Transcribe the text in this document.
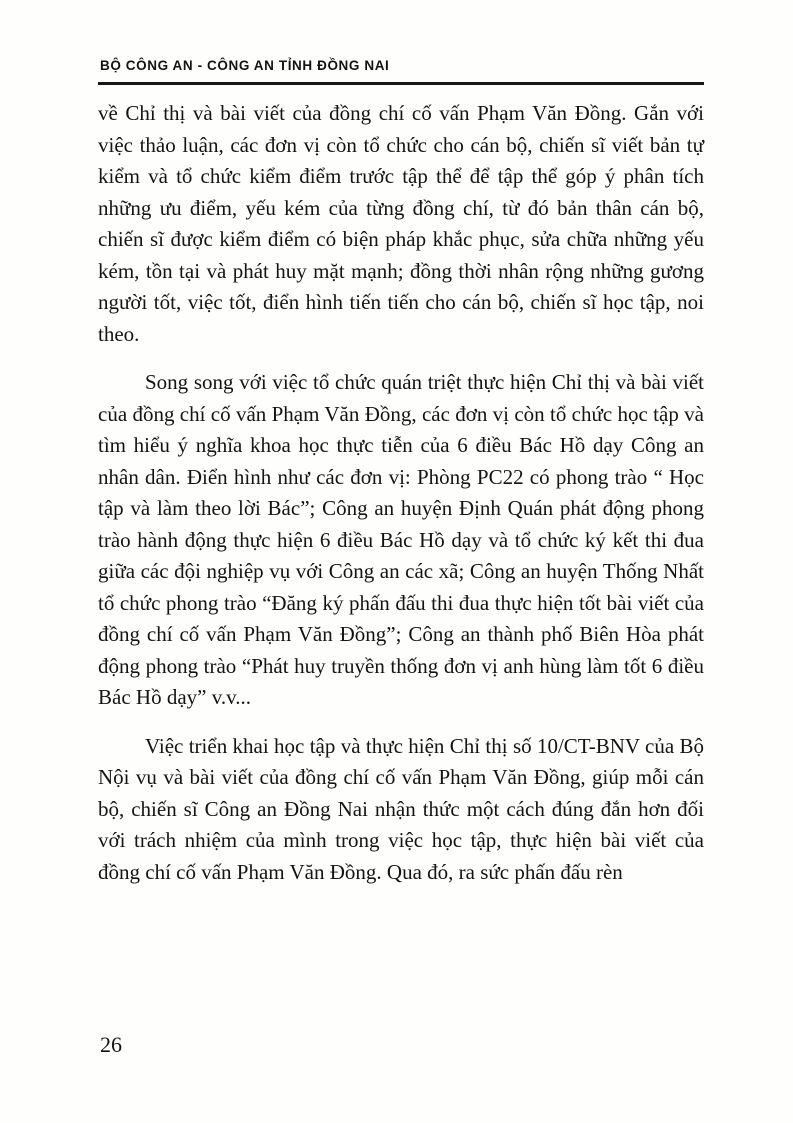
BỘ CÔNG AN - CÔNG AN TỈNH ĐỒNG NAI

về Chỉ thị và bài viết của đồng chí cố vấn Phạm Văn Đồng. Gắn với việc thảo luận, các đơn vị còn tổ chức cho cán bộ, chiến sĩ viết bản tự kiểm và tổ chức kiểm điểm trước tập thể để tập thể góp ý phân tích những ưu điểm, yếu kém của từng đồng chí, từ đó bản thân cán bộ, chiến sĩ được kiểm điểm có biện pháp khắc phục, sửa chữa những yếu kém, tồn tại và phát huy mặt mạnh; đồng thời nhân rộng những gương người tốt, việc tốt, điển hình tiến tiến cho cán bộ, chiến sĩ học tập, noi theo.

Song song với việc tổ chức quán triệt thực hiện Chỉ thị và bài viết của đồng chí cố vấn Phạm Văn Đồng, các đơn vị còn tổ chức học tập và tìm hiểu ý nghĩa khoa học thực tiễn của 6 điều Bác Hồ dạy Công an nhân dân. Điển hình như các đơn vị: Phòng PC22 có phong trào “ Học tập và làm theo lời Bác”; Công an huyện Định Quán phát động phong trào hành động thực hiện 6 điều Bác Hồ dạy và tổ chức ký kết thi đua giữa các đội nghiệp vụ với Công an các xã; Công an huyện Thống Nhất tổ chức phong trào “Đăng ký phấn đấu thi đua thực hiện tốt bài viết của đồng chí cố vấn Phạm Văn Đồng”; Công an thành phố Biên Hòa phát động phong trào “Phát huy truyền thống đơn vị anh hùng làm tốt 6 điều Bác Hồ dạy” v.v...

Việc triển khai học tập và thực hiện Chỉ thị số 10/CT-BNV của Bộ Nội vụ và bài viết của đồng chí cố vấn Phạm Văn Đồng, giúp mỗi cán bộ, chiến sĩ Công an Đồng Nai nhận thức một cách đúng đắn hơn đối với trách nhiệm của mình trong việc học tập, thực hiện bài viết của đồng chí cố vấn Phạm Văn Đồng. Qua đó, ra sức phấn đấu rèn

26
